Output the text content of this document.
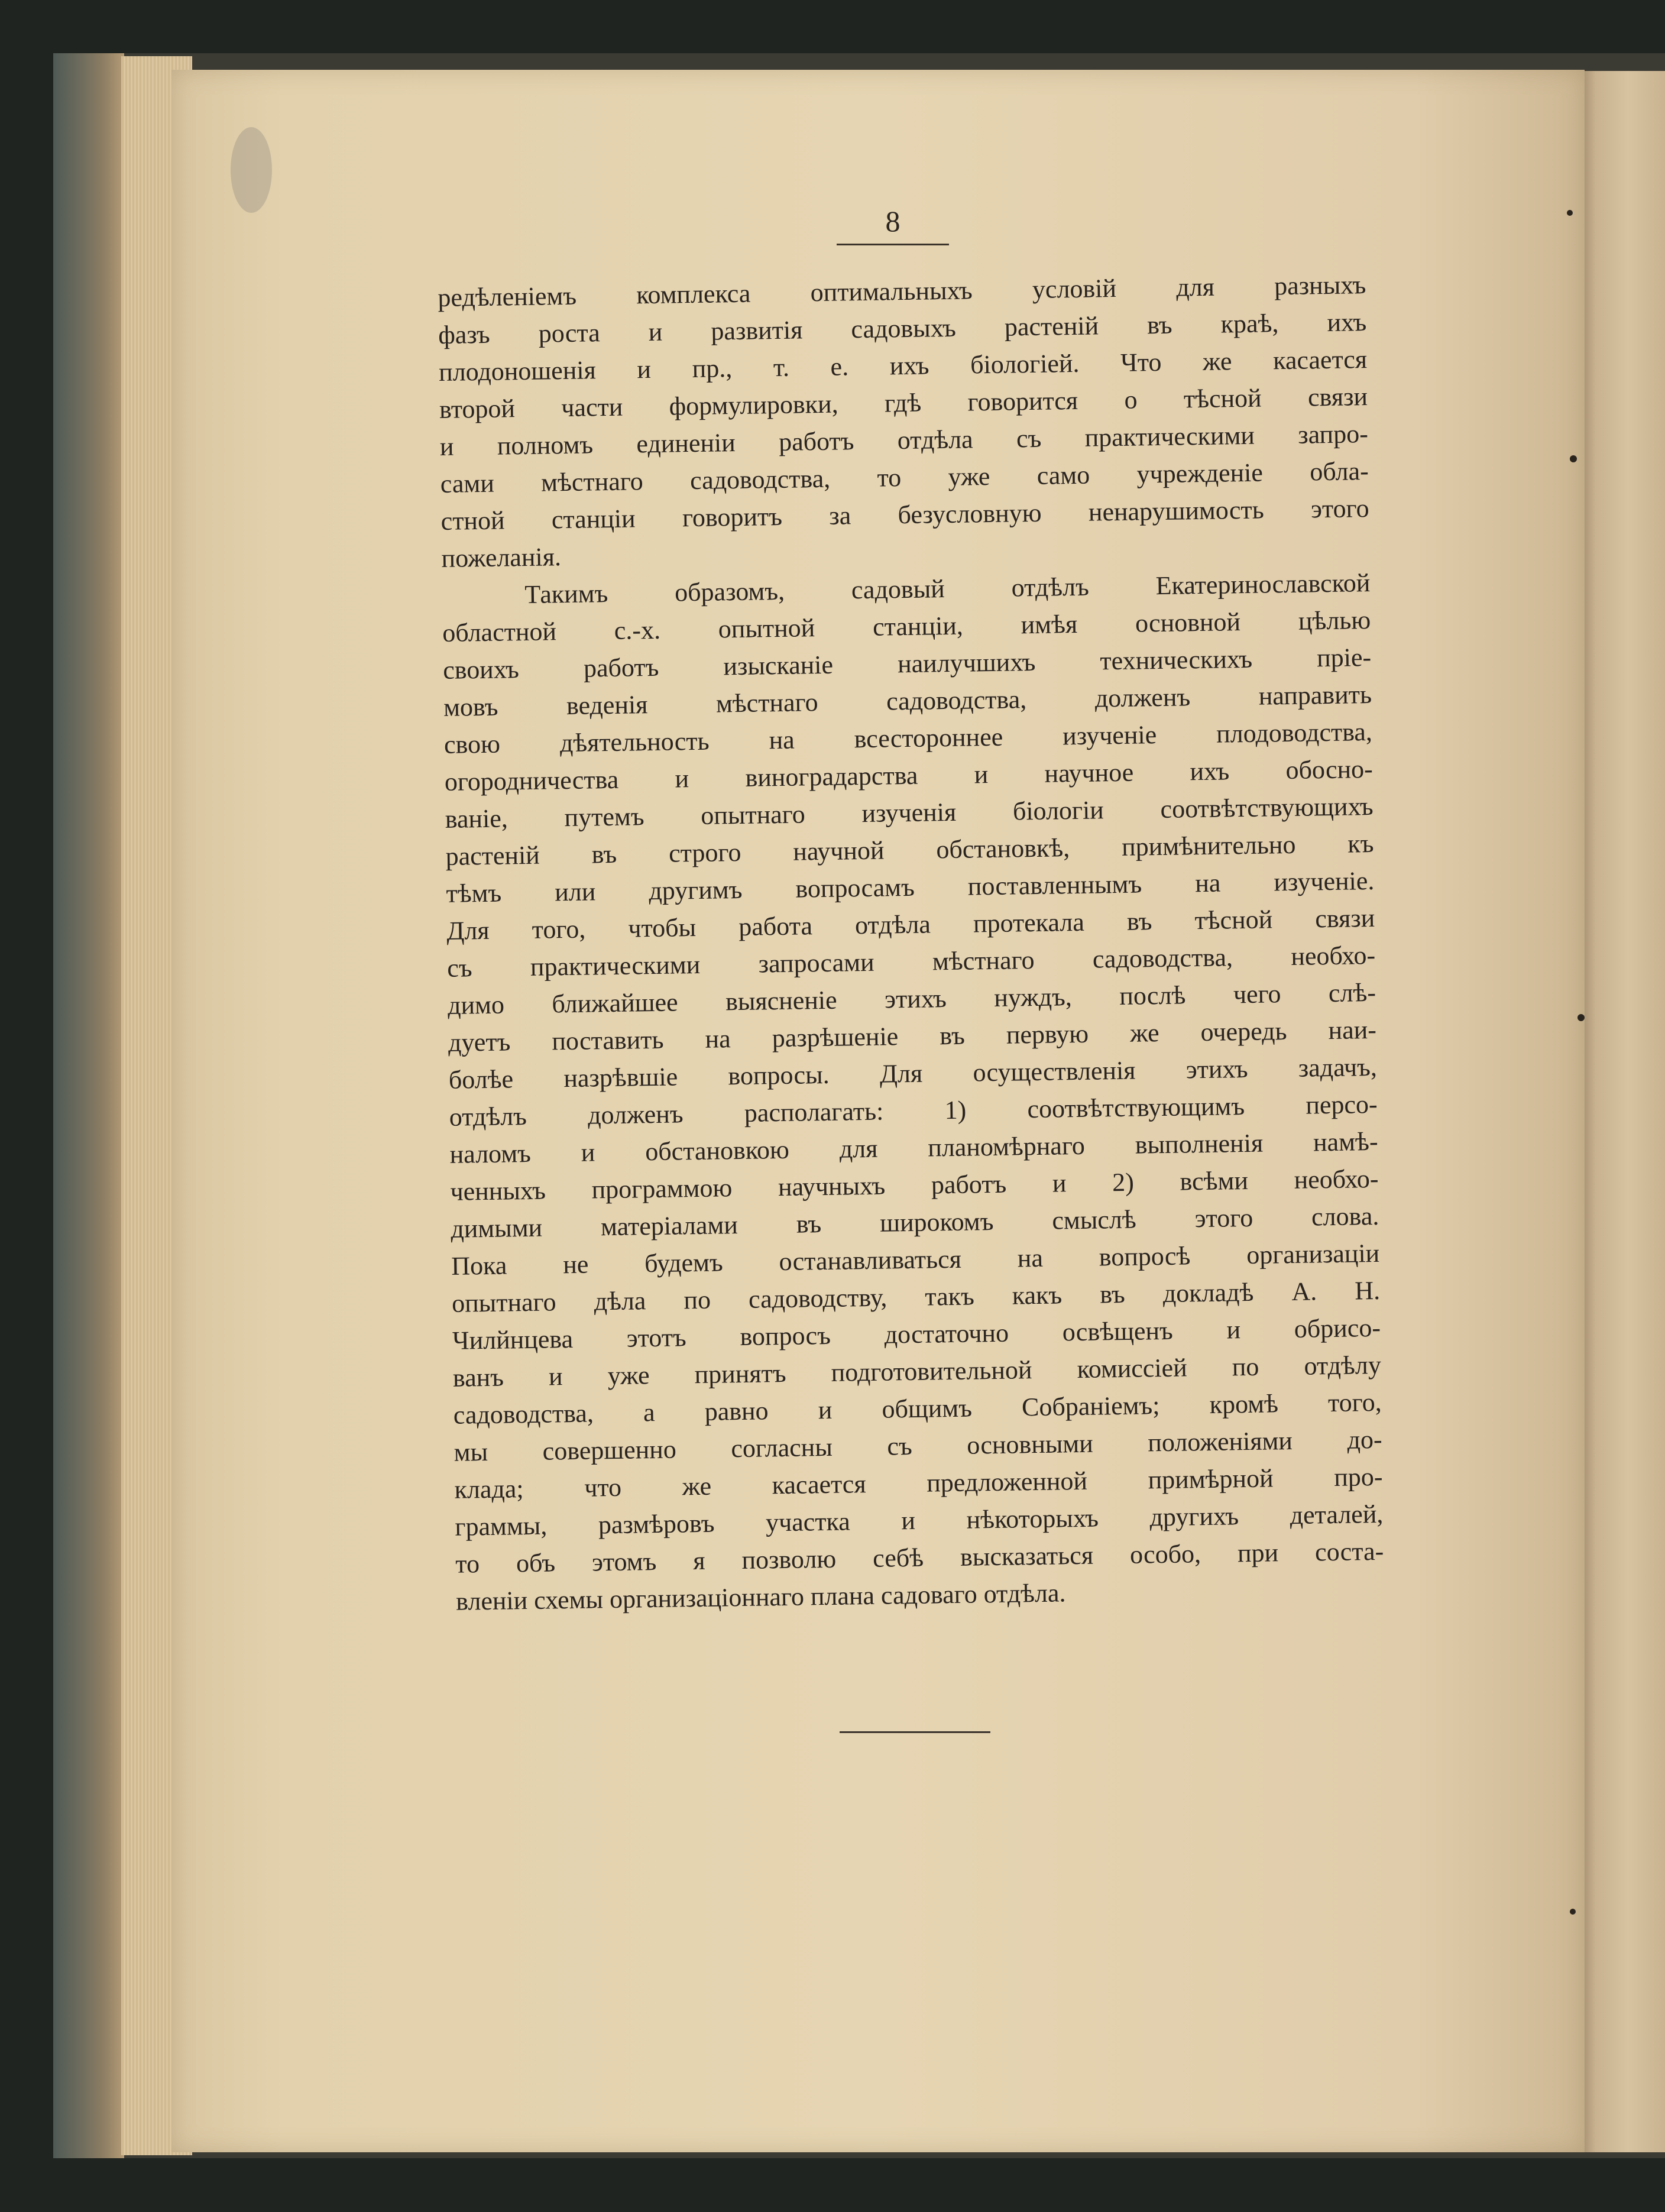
8
редѣленіемъ комплекса оптимальныхъ условій для разныхъ
фазъ роста и развитія садовыхъ растеній въ краѣ, ихъ
плодоношенія и пр., т. е. ихъ біологіей. Что же касается
второй части формулировки, гдѣ говорится о тѣсной связи
и полномъ единеніи работъ отдѣла съ практическими запро-
сами мѣстнаго садоводства, то уже само учрежденіе обла-
стной станціи говоритъ за безусловную ненарушимость этого
пожеланія.
Такимъ образомъ, садовый отдѣлъ Екатеринославской
областной с.-х. опытной станціи, имѣя основной цѣлью
своихъ работъ изысканіе наилучшихъ техническихъ пріе-
мовъ веденія мѣстнаго садоводства, долженъ направить
свою дѣятельность на всестороннее изученіе плодоводства,
огородничества и виноградарства и научное ихъ обосно-
ваніе, путемъ опытнаго изученія біологіи соотвѣтствующихъ
растеній въ строго научной обстановкѣ, примѣнительно къ
тѣмъ или другимъ вопросамъ поставленнымъ на изученіе.
Для того, чтобы работа отдѣла протекала въ тѣсной связи
съ практическими запросами мѣстнаго садоводства, необхо-
димо ближайшее выясненіе этихъ нуждъ, послѣ чего слѣ-
дуетъ поставить на разрѣшеніе въ первую же очередь наи-
болѣе назрѣвшіе вопросы. Для осуществленія этихъ задачъ,
отдѣлъ долженъ располагать: 1) соотвѣтствующимъ персо-
наломъ и обстановкою для планомѣрнаго выполненія намѣ-
ченныхъ программою научныхъ работъ и 2) всѣми необхо-
димыми матеріалами въ широкомъ смыслѣ этого слова.
Пока не будемъ останавливаться на вопросѣ организаціи
опытнаго дѣла по садоводству, такъ какъ въ докладѣ А. Н.
Чилйнцева этотъ вопросъ достаточно освѣщенъ и обрисо-
ванъ и уже принятъ подготовительной комиссіей по отдѣлу
садоводства, а равно и общимъ Собраніемъ; кромѣ того,
мы совершенно согласны съ основными положеніями до-
клада; что же касается предложенной примѣрной про-
граммы, размѣровъ участка и нѣкоторыхъ другихъ деталей,
то объ этомъ я позволю себѣ высказаться особо, при соста-
вленіи схемы организаціоннаго плана садоваго отдѣла.
